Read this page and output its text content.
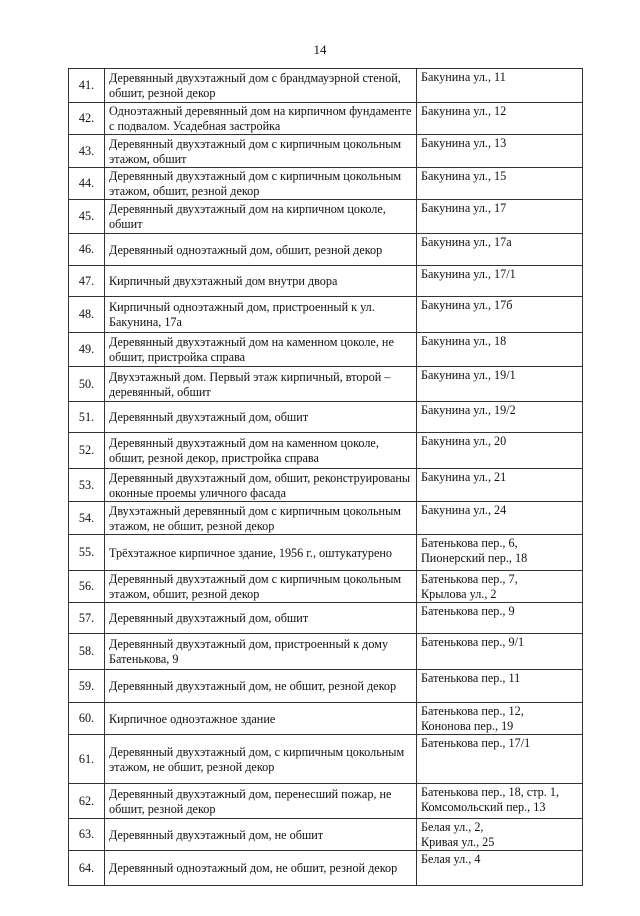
14
41.	Деревянный двухэтажный дом с брандмауэрной стеной, обшит, резной декор	Бакунина ул., 11
42.	Одноэтажный деревянный дом на кирпичном фундаменте с подвалом. Усадебная застройка	Бакунина ул., 12
43.	Деревянный двухэтажный дом с кирпичным цокольным этажом, обшит	Бакунина ул., 13
44.	Деревянный двухэтажный дом с кирпичным цокольным этажом, обшит, резной декор	Бакунина ул., 15
45.	Деревянный двухэтажный дом на кирпичном цоколе, обшит	Бакунина ул., 17
46.	Деревянный одноэтажный дом, обшит, резной декор	Бакунина ул., 17а
47.	Кирпичный двухэтажный дом внутри двора	Бакунина ул., 17/1
48.	Кирпичный одноэтажный дом, пристроенный к ул. Бакунина, 17а	Бакунина ул., 17б
49.	Деревянный двухэтажный дом на каменном цоколе, не обшит, пристройка справа	Бакунина ул., 18
50.	Двухэтажный дом. Первый этаж кирпичный, второй – деревянный, обшит	Бакунина ул., 19/1
51.	Деревянный двухэтажный дом, обшит	Бакунина ул., 19/2
52.	Деревянный двухэтажный дом на каменном цоколе, обшит, резной декор, пристройка справа	Бакунина ул., 20
53.	Деревянный двухэтажный дом, обшит, реконструированы оконные проемы уличного фасада	Бакунина ул., 21
54.	Двухэтажный деревянный дом с кирпичным цокольным этажом, не обшит, резной декор	Бакунина ул., 24
55.	Трёхэтажное кирпичное здание, 1956 г., оштукатурено	Батенькова пер., 6,
Пионерский пер., 18
56.	Деревянный двухэтажный дом с кирпичным цокольным этажом, обшит, резной декор	Батенькова пер., 7,
Крылова ул., 2
57.	Деревянный двухэтажный дом, обшит	Батенькова пер., 9
58.	Деревянный двухэтажный дом, пристроенный к дому Батенькова, 9	Батенькова пер., 9/1
59.	Деревянный двухэтажный дом, не обшит, резной декор	Батенькова пер., 11
60.	Кирпичное одноэтажное здание	Батенькова пер., 12,
Кононова пер., 19
61.	Деревянный двухэтажный дом, с кирпичным цокольным этажом, не обшит, резной декор	Батенькова пер., 17/1
62.	Деревянный двухэтажный дом, перенесший пожар, не обшит, резной декор	Батенькова пер., 18, стр. 1,
Комсомольский пер., 13
63.	Деревянный двухэтажный дом, не обшит	Белая ул., 2,
Кривая ул., 25
64.	Деревянный одноэтажный дом, не обшит, резной декор	Белая ул., 4
